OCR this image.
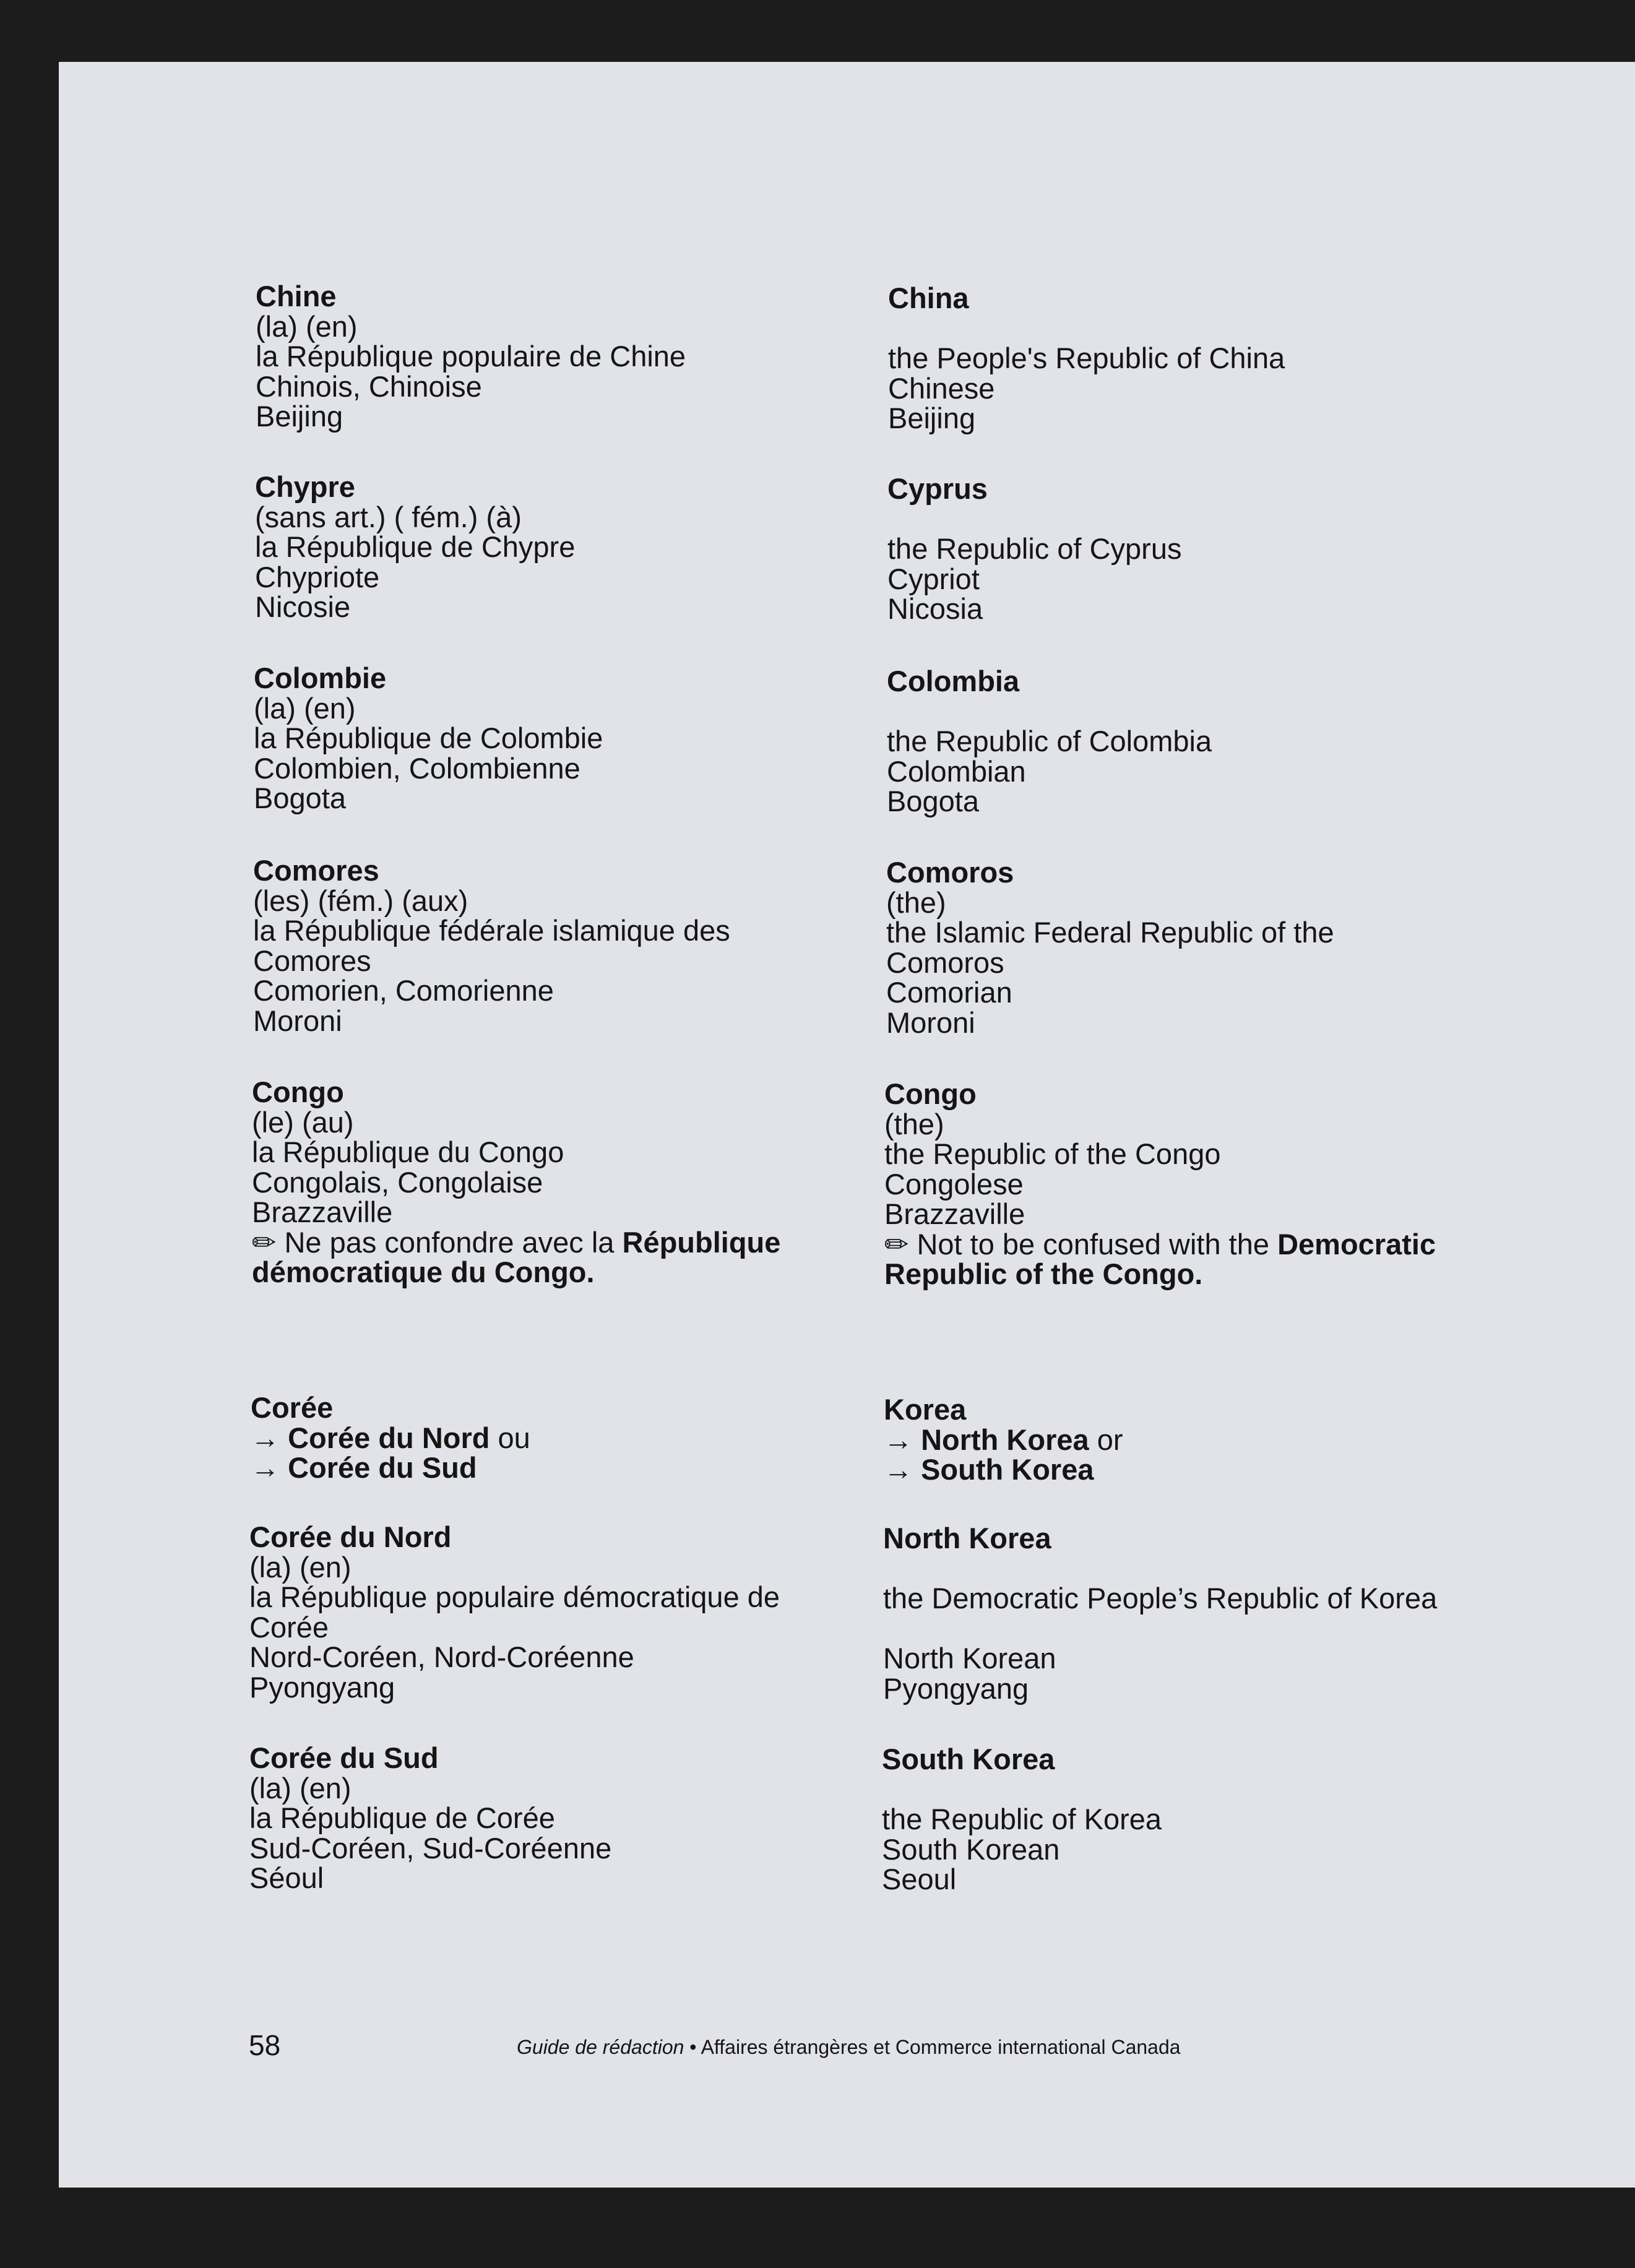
Chine
(la) (en)
la République populaire de Chine
Chinois, Chinoise
Beijing
China
the People's Republic of China
Chinese
Beijing
Chypre
(sans art.) ( fém.) (à)
la République de Chypre
Chypriote
Nicosie
Cyprus
the Republic of Cyprus
Cypriot
Nicosia
Colombie
(la) (en)
la République de Colombie
Colombien, Colombienne
Bogota
Colombia
the Republic of Colombia
Colombian
Bogota
Comores
(les) (fém.) (aux)
la République fédérale islamique des
Comores
Comorien, Comorienne
Moroni
Comoros
(the)
the Islamic Federal Republic of the
Comoros
Comorian
Moroni
Congo
(le) (au)
la République du Congo
Congolais, Congolaise
Brazzaville
✏ Ne pas confondre avec la République
démocratique du Congo.
Congo
(the)
the Republic of the Congo
Congolese
Brazzaville
✏ Not to be confused with the Democratic
Republic of the Congo.
Corée
→ Corée du Nord ou
→ Corée du Sud
Korea
→ North Korea or
→ South Korea
Corée du Nord
(la) (en)
la République populaire démocratique de
Corée
Nord-Coréen, Nord-Coréenne
Pyongyang
North Korea
the Democratic People’s Republic of Korea
North Korean
Pyongyang
Corée du Sud
(la) (en)
la République de Corée
Sud-Coréen, Sud-Coréenne
Séoul
South Korea
the Republic of Korea
South Korean
Seoul
58	Guide de rédaction • Affaires étrangères et Commerce international Canada
